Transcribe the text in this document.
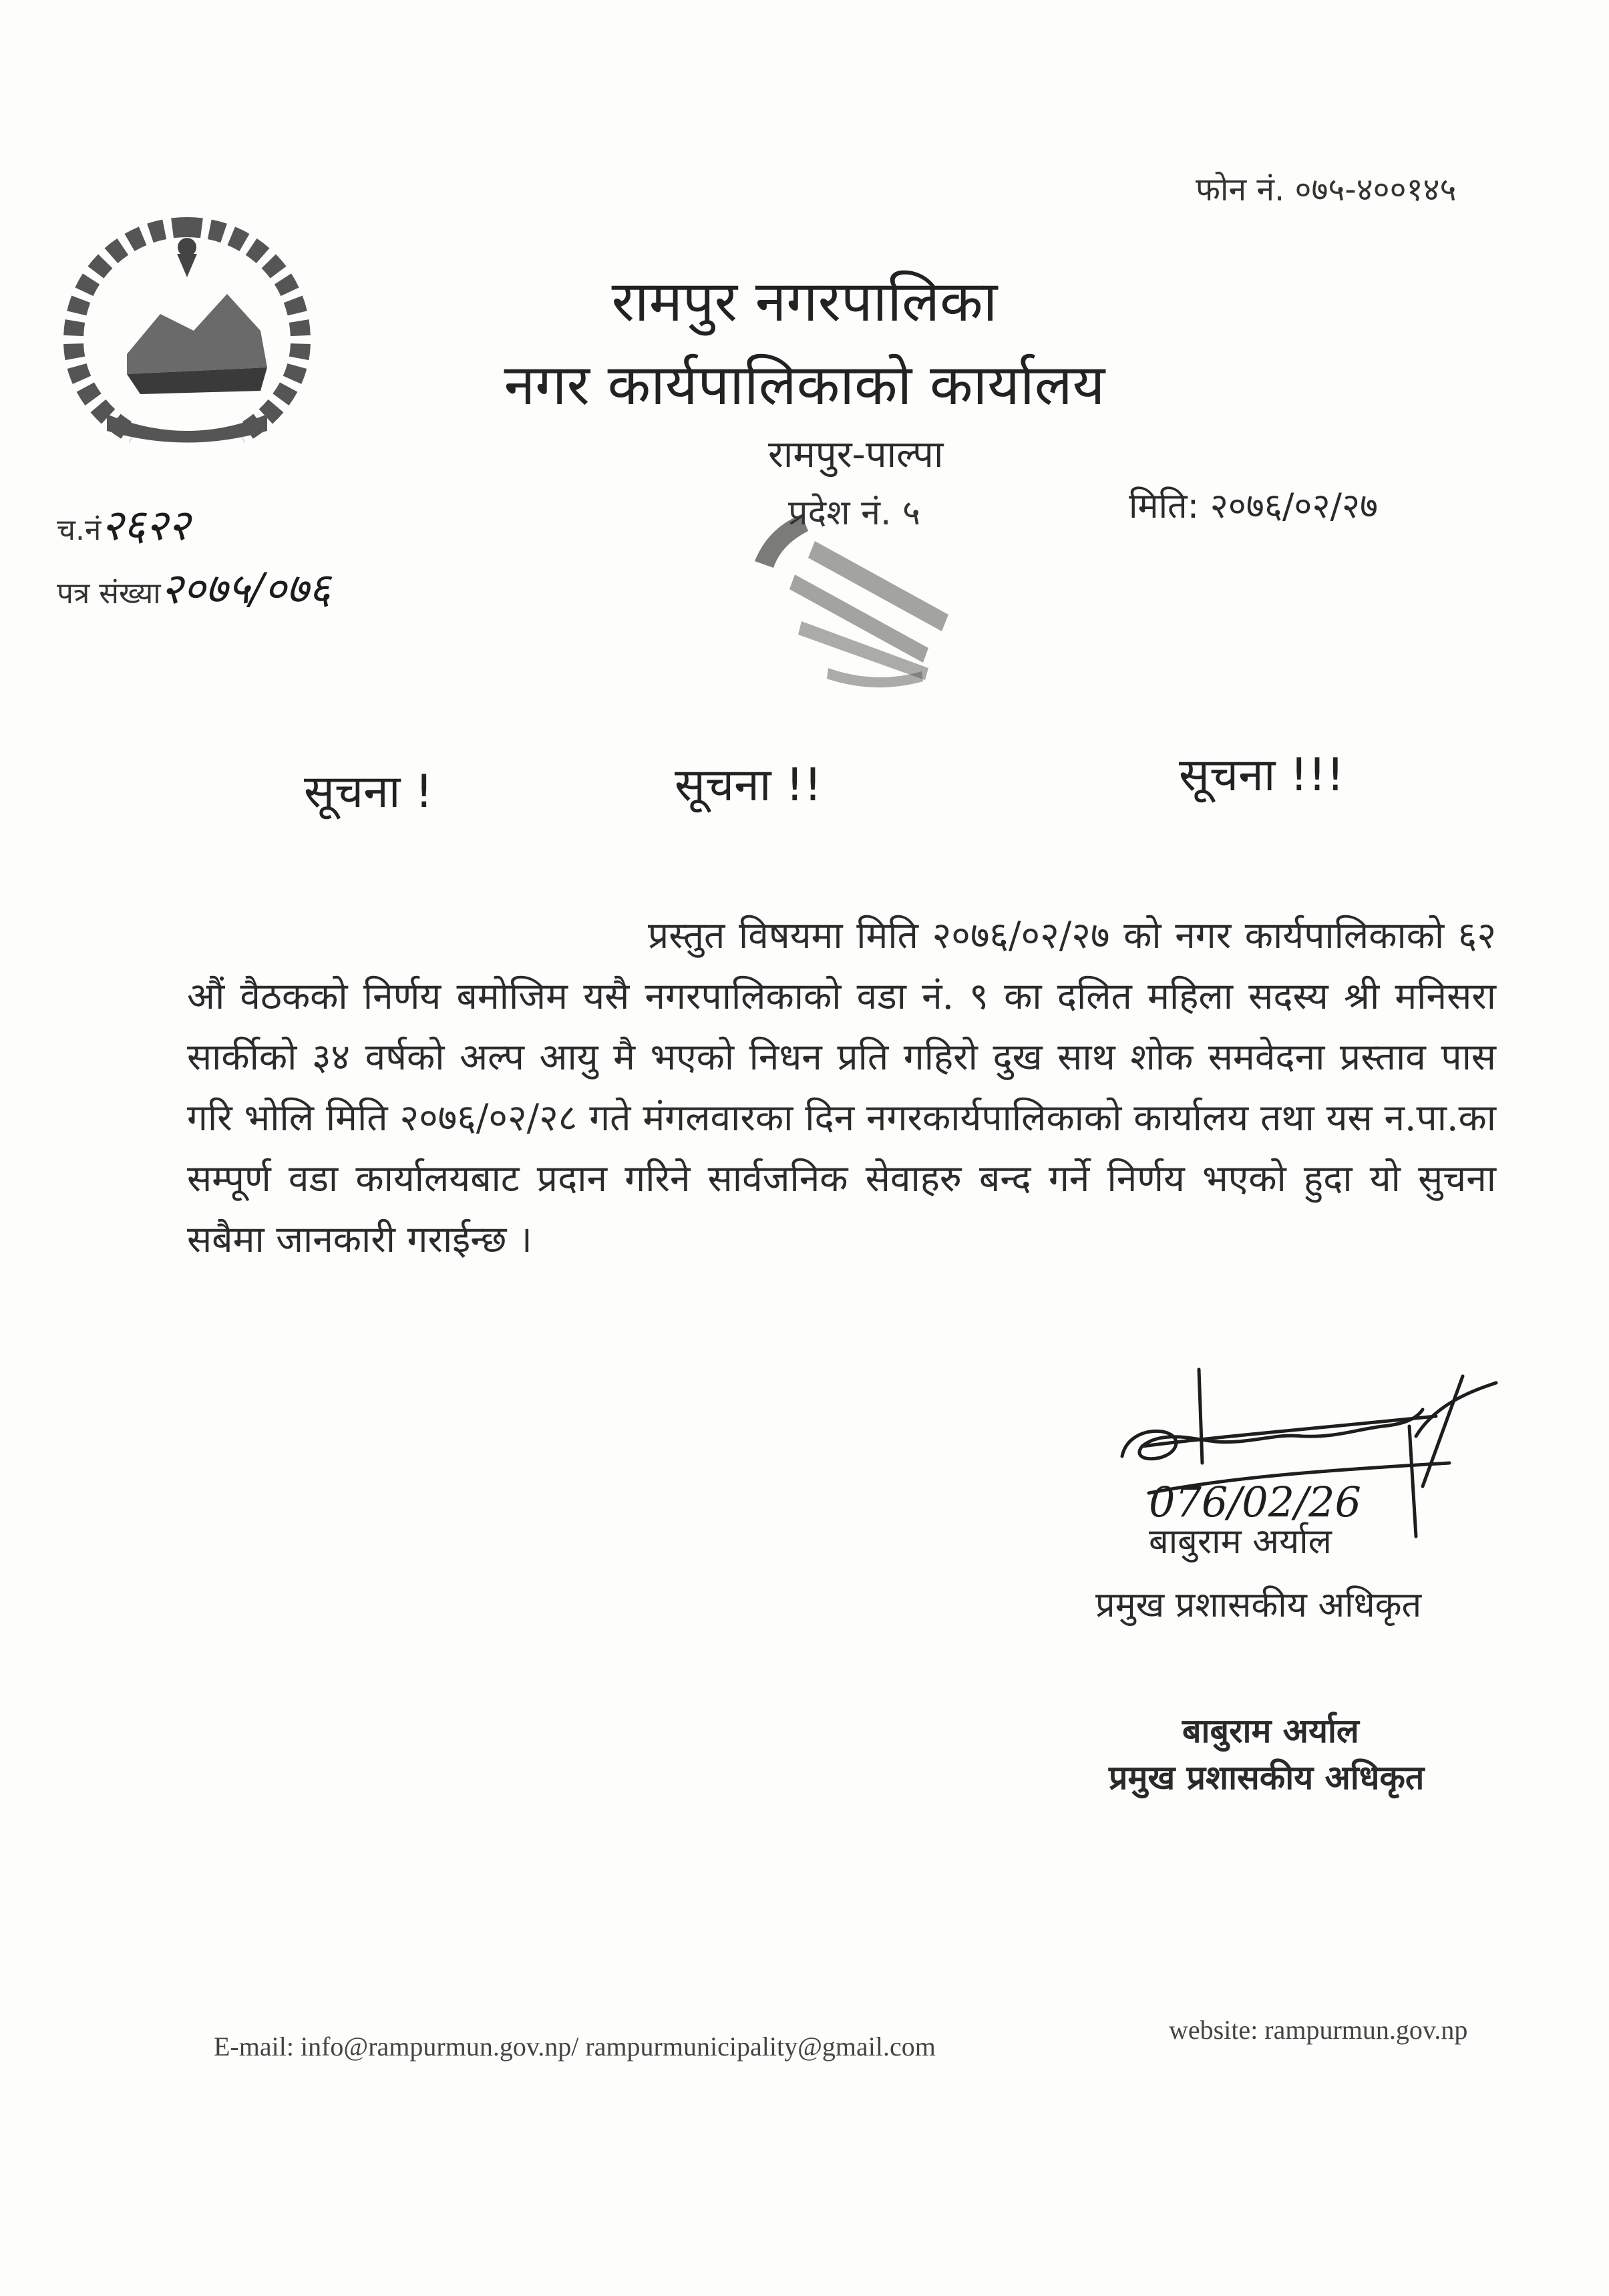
फोन नं. ०७५-४००१४५
रामपुर नगरपालिका
नगर कार्यपालिकाको कार्यालय
रामपुर-पाल्पा
प्रदेश नं. ५	मिति: २०७६/०२/२७
च.नं२६२२
पत्र संख्या२०७५/०७६
सूचना !	सूचना !!	सूचना !!!
प्रस्तुत विषयमा मिति २०७६/०२/२७ को नगर कार्यपालिकाको ६२ औं वैठकको निर्णय बमोजिम यसै नगरपालिकाको वडा नं. ९ का दलित महिला सदस्य श्री मनिसरा सार्कीको ३४ वर्षको अल्प आयु मै भएको निधन प्रति गहिरो दुख साथ शोक समवेदना प्रस्ताव पास गरि भोलि मिति २०७६/०२/२८ गते मंगलवारका दिन नगरकार्यपालिकाको कार्यालय तथा यस न.पा.का सम्पूर्ण वडा कार्यालयबाट प्रदान गरिने सार्वजनिक सेवाहरु बन्द गर्ने निर्णय भएको हुदा यो सुचना सबैमा जानकारी गराईन्छ ।
076/02/26
बाबुराम अर्याल
प्रमुख प्रशासकीय अधिकृत
बाबुराम अर्याल
प्रमुख प्रशासकीय अधिकृत
E-mail: info@rampurmun.gov.np/ rampurmunicipality@gmail.com
website: rampurmun.gov.np
